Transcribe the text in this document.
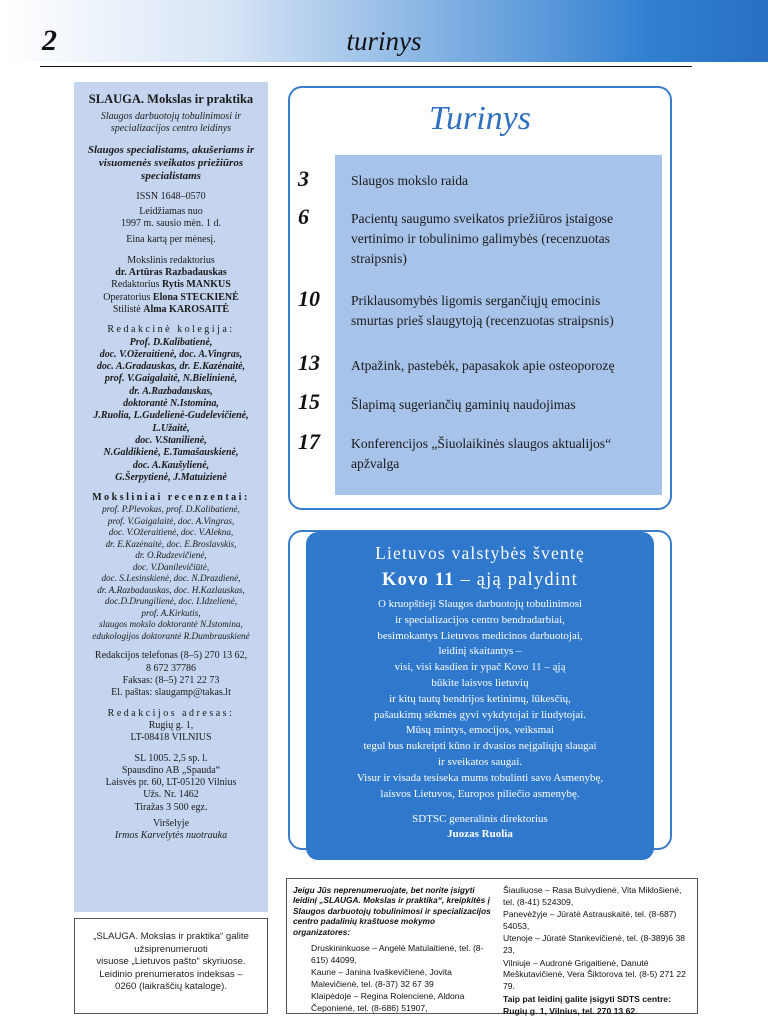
2	turinys
SLAUGA. Mokslas ir praktika
Slaugos darbuotojų tobulinimosi ir specializacijos centro leidinys
Slaugos specialistams, akušeriams ir visuomenės sveikatos priežiūros specialistams
ISSN 1648–0570
Leidžiamas nuo
1997 m. sausio mėn. 1 d.
Eina kartą per mėnesį.
Mokslinis redaktorius
dr. Artūras Razbadauskas
Redaktorius Rytis MANKUS
Operatorius Elona STECKIENĖ
Stilistė Alma KAROSAITĖ
Redakcinė kolegija:
Prof. D.Kalibatienė,
doc. V.Ožeraitienė, doc. A.Vingras,
doc. A.Gradauskas, dr. E.Kazėnaitė,
prof. V.Gaigalaitė, N.Bielinienė,
dr. A.Razbadauskas,
doktorantė N.Istomina,
J.Ruolia, L.Gudelienė-Gudelevičienė,
L.Užaitė,
doc. V.Stanilienė,
N.Galdikienė, E.Tamašauskienė,
doc. A.Kaušylienė,
G.Šerpytienė, J.Matuizienė
Moksliniai recenzentai:
prof. P.Plevokas, prof. D.Kalibatienė,
prof. V.Gaigalaitė, doc. A.Vingras,
doc. V.Ožeraitienė, doc. V.Alekna,
dr. E.Kazėnaitė, doc. E.Broslavskis,
dr. O.Rudzevičienė,
doc. V.Danilevičiūtė,
doc. S.Lesinskienė, doc. N.Drazdienė,
dr. A.Razbadauskas, doc. H.Kazlauskas,
doc.D.Drungilienė, doc. I.Idzelienė,
prof. A.Kirkutis,
slaugos mokslo doktorantė N.Istomina,
edukologijos doktorantė R.Dumbrauskienė
Redakcijos telefonas (8–5) 270 13 62,
8 672 37786
Faksas: (8–5) 271 22 73
El. paštas: slaugamp@takas.lt
Redakcijos adresas:
Rugių g. 1,
LT-08418 VILNIUS
SL 1005. 2,5 sp. l.
Spausdino AB „Spauda“
Laisvės pr. 60, LT-05120 Vilnius
Užs. Nr. 1462
Tiražas 3 500 egz.
Viršelyje
Irmos Karvelytės nuotrauka
„SLAUGA. Mokslas ir praktika“ galite
užsiprenumeruoti
visuose „Lietuvos pašto“ skyriuose.
Leidinio prenumeratos indeksas –
0260 (laikraščių kataloge).
Turinys
3	Slaugos mokslo raida
6	Pacientų saugumo sveikatos priežiūros įstaigose vertinimo ir tobulinimo galimybės (recenzuotas straipsnis)
10	Priklausomybės ligomis sergančiųjų emocinis smurtas prieš slaugytoją (recenzuotas straipsnis)
13	Atpažink, pastebėk, papasakok apie osteoporozę
15	Šlapimą sugeriančių gaminių naudojimas
17	Konferencijos „Šiuolaikinės slaugos aktualijos“ apžvalga
Lietuvos valstybės šventę
Kovo 11 – ąją palydint
O kruopštieji Slaugos darbuotojų tobulinimosi
ir specializacijos centro bendradarbiai,
besimokantys Lietuvos medicinos darbuotojai,
leidinį skaitantys –
visi, visi kasdien ir ypač Kovo 11 – ąją
būkite laisvos lietuvių
ir kitų tautų bendrijos ketinimų, lūkesčių,
pašaukimų sėkmės gyvi vykdytojai ir liudytojai.
Mūsų mintys, emocijos, veiksmai
tegul bus nukreipti kūno ir dvasios neįgaliųjų slaugai
ir sveikatos saugai.
Visur ir visada tesiseka mums tobulinti savo Asmenybę,
laisvos Lietuvos, Europos piliečio asmenybę.
SDTSC generalinis direktorius
Juozas Ruolia
Jeigu Jūs neprenumeruojate, bet norite įsigyti leidinį „SLAUGA. Mokslas ir praktika“, kreipkitės į Slaugos darbuotojų tobulinimosi ir specializacijos centro padalinių kraštuose mokymo organizatores:
Druskininkuose – Angelė Matulaitienė, tel. (8-615) 44099,
Kaune – Janina Ivaškevičienė, Jovita Malevičienė, tel. (8-37) 32 67 39
Klaipėdoje – Regina Rolencienė, Aldona Čeponienė, tel. (8-686) 51907,
Šiauliuose – Rasa Buivydienė, Vita Miklošienė, tel. (8-41) 524309,
Panevėžyje – Jūratė Astrauskaitė, tel. (8-687) 54053,
Utenoje – Jūratė Stankevičienė, tel. (8-389)6 38 23,
Vilniuje – Audronė Grigaitienė, Danutė Meškutavičienė, Vera Šiktorova tel. (8-5) 271 22 79.
Taip pat leidinį galite įsigyti SDTS centre: Rugių g. 1, Vilnius, tel. 270 13 62.
